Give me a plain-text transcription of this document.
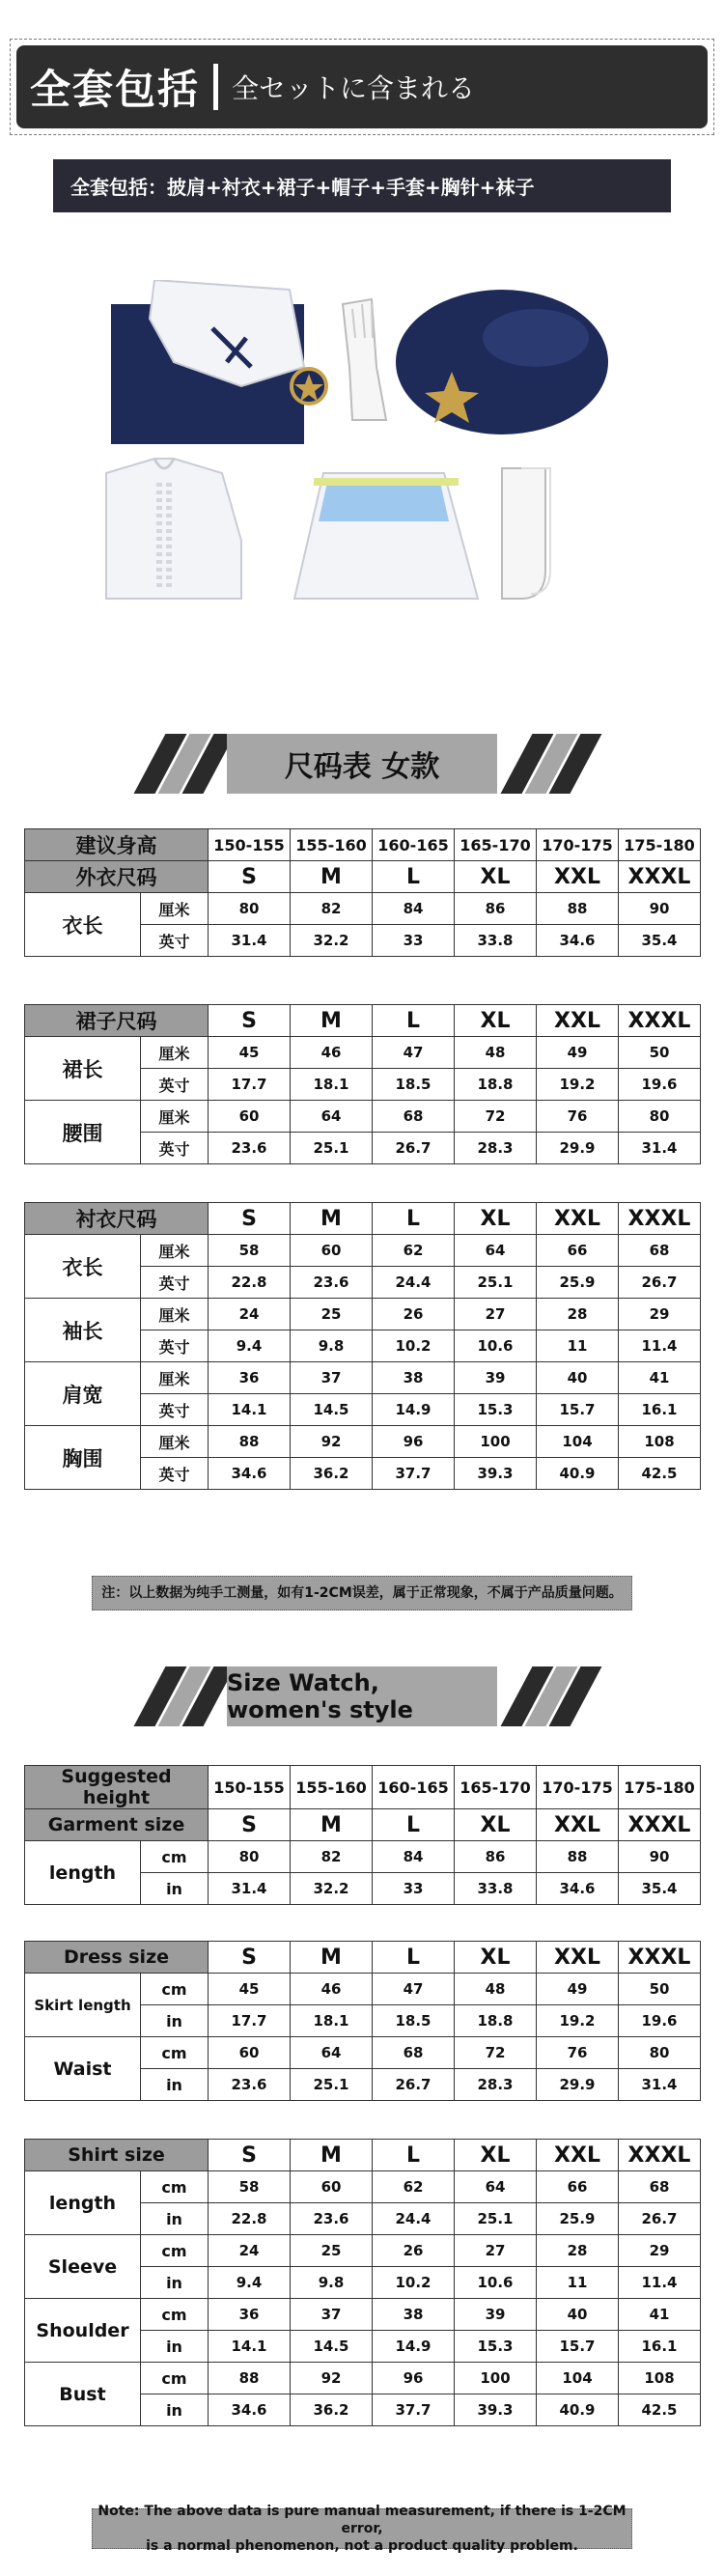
全套包括 全セットに含まれる
全套包括：披肩+衬衣+裙子+帽子+手套+胸针+袜子
尺码表 女款
建议身高		150-155	155-160	160-165	165-170	170-175	175-180
外衣尺码		S	M	L	XL	XXL	XXXL
衣长	厘米	80	82	84	86	88	90
	英寸	31.4	32.2	33	33.8	34.6	35.4
裙子尺码		S	M	L	XL	XXL	XXXL
裙长	厘米	45	46	47	48	49	50
	英寸	17.7	18.1	18.5	18.8	19.2	19.6
腰围	厘米	60	64	68	72	76	80
	英寸	23.6	25.1	26.7	28.3	29.9	31.4
衬衣尺码		S	M	L	XL	XXL	XXXL
衣长	厘米	58	60	62	64	66	68
	英寸	22.8	23.6	24.4	25.1	25.9	26.7
袖长	厘米	24	25	26	27	28	29
	英寸	9.4	9.8	10.2	10.6	11	11.4
肩宽	厘米	36	37	38	39	40	41
	英寸	14.1	14.5	14.9	15.3	15.7	16.1
胸围	厘米	88	92	96	100	104	108
	英寸	34.6	36.2	37.7	39.3	40.9	42.5
注：以上数据为纯手工测量，如有1-2CM误差，属于正常现象，不属于产品质量问题。
Size Watch, women's style
Suggested height		150-155	155-160	160-165	165-170	170-175	175-180
Garment size		S	M	L	XL	XXL	XXXL
length	cm	80	82	84	86	88	90
	in	31.4	32.2	33	33.8	34.6	35.4
Dress size		S	M	L	XL	XXL	XXXL
Skirt length	cm	45	46	47	48	49	50
	in	17.7	18.1	18.5	18.8	19.2	19.6
Waist	cm	60	64	68	72	76	80
	in	23.6	25.1	26.7	28.3	29.9	31.4
Shirt size		S	M	L	XL	XXL	XXXL
length	cm	58	60	62	64	66	68
	in	22.8	23.6	24.4	25.1	25.9	26.7
Sleeve	cm	24	25	26	27	28	29
	in	9.4	9.8	10.2	10.6	11	11.4
Shoulder	cm	36	37	38	39	40	41
	in	14.1	14.5	14.9	15.3	15.7	16.1
Bust	cm	88	92	96	100	104	108
	in	34.6	36.2	37.7	39.3	40.9	42.5
Note: The above data is pure manual measurement, if there is 1-2CM error,
is a normal phenomenon, not a product quality problem.
